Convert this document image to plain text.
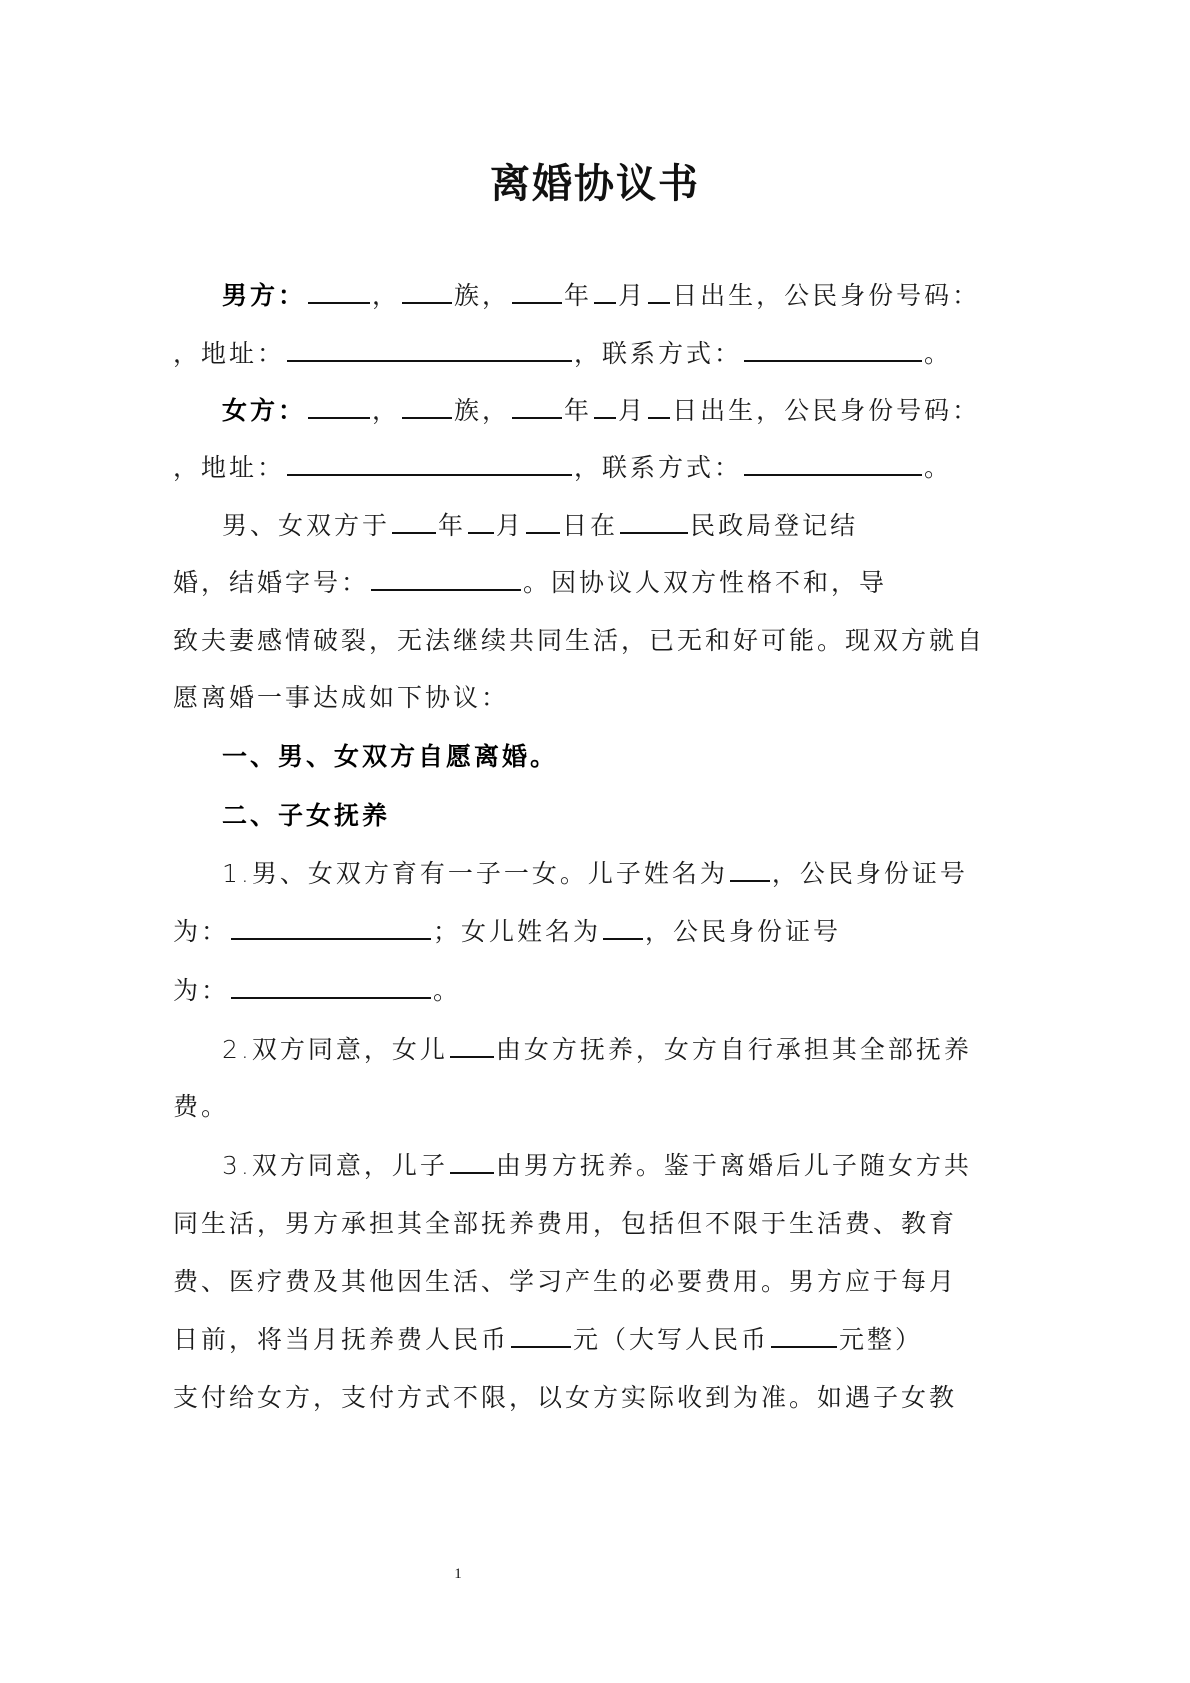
离婚协议书
男方：	， 族， 年 月 日出生，公民身份号码：
，地址：	，联系方式：	。
女方：	， 族， 年 月 日出生，公民身份号码：
，地址：	，联系方式：	。
男、女双方于 年 月 日在	民政局登记结
婚，结婚字号：	。因协议人双方性格不和，导
致夫妻感情破裂，无法继续共同生活，已无和好可能。现双方就自
愿离婚一事达成如下协议：
一、男、女双方自愿离婚。
二、子女抚养
1.男、女双方育有一子一女。儿子姓名为 ，公民身份证号
为：	；女儿姓名为 ，公民身份证号
为：	。
2.双方同意，女儿 由女方抚养，女方自行承担其全部抚养
费。
3.双方同意，儿子 由男方抚养。鉴于离婚后儿子随女方共
同生活，男方承担其全部抚养费用，包括但不限于生活费、教育
费、医疗费及其他因生活、学习产生的必要费用。男方应于每月
日前，将当月抚养费人民币	元（大写人民币	元整）
支付给女方，支付方式不限，以女方实际收到为准。如遇子女教
1
